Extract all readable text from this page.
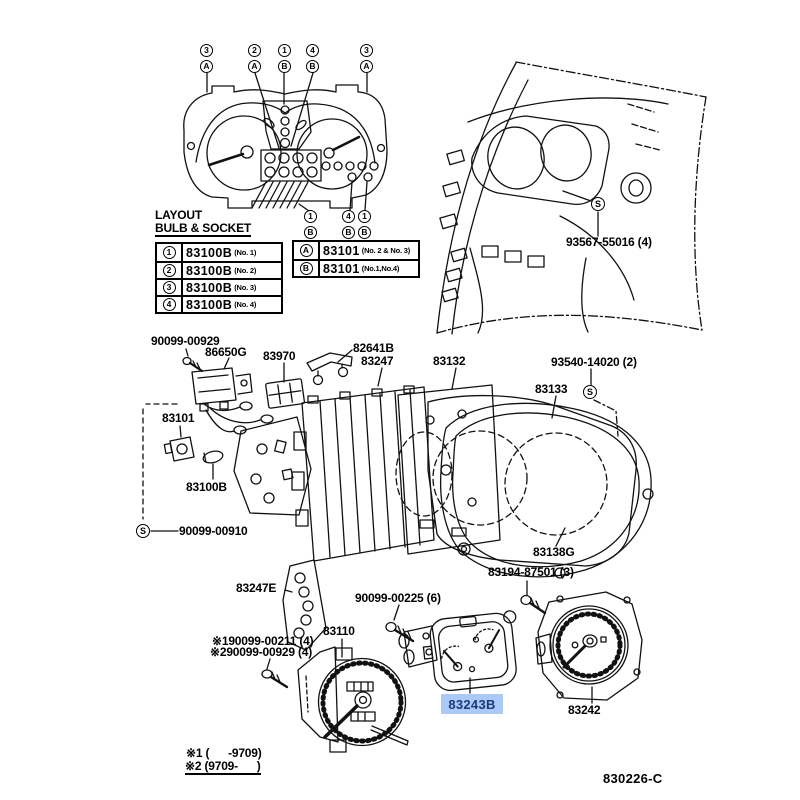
3
A
2
A
1
B
4
B
3
A
1
B
4
B
1
B
S
S
S
LAYOUT
BULB & SOCKET
1	83100B (No. 1)
2	83100B (No. 2)
3	83100B (No. 3)
4	83100B (No. 4)
A 83101 (No. 2 & No. 3)
B 83101 (No.1,No.4)
93567-55016 (4)
90099-00929
86650G 83970
82641B
83247	83132	93540-14020 (2)
83133
83101
83100B
90099-00910
83138G
83194-87501 (3)
83247E
90099-00225 (6)
83110
※190099-00211 (4)
※290099-00929 (4)
83243B	83242
※1 (      -9709)
※2 (9709-      )
830226-C
